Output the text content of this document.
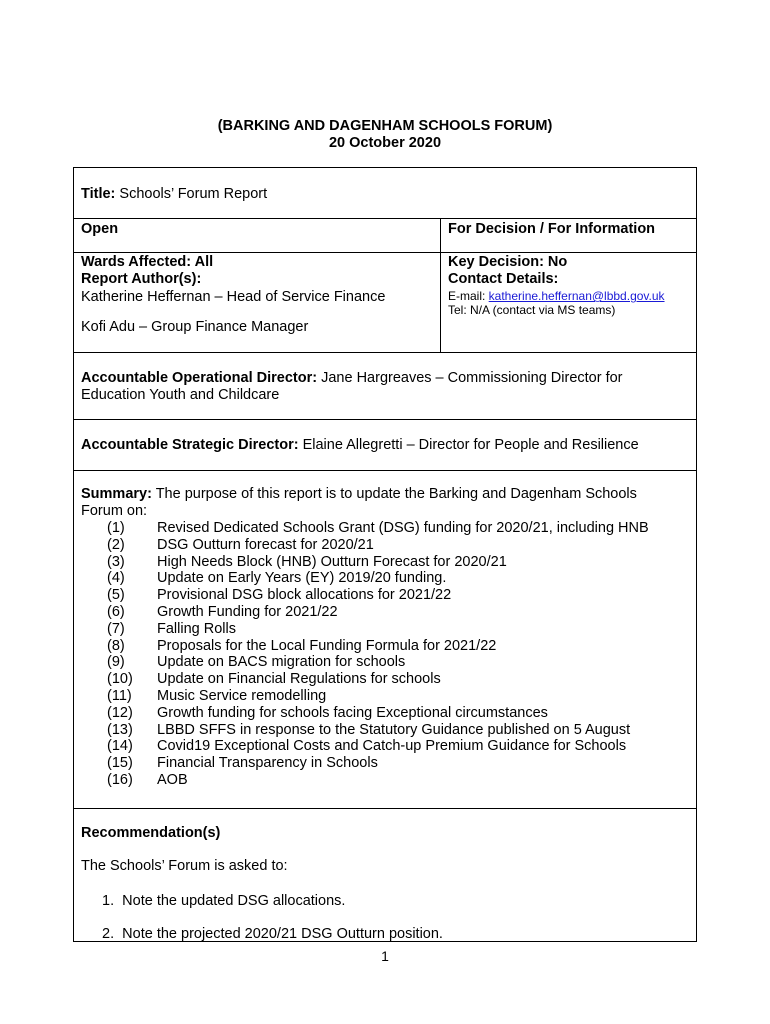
(BARKING AND DAGENHAM SCHOOLS FORUM)
20 October 2020
Title: Schools’ Forum Report
Open	For Decision / For Information
Wards Affected: All
Report Author(s):
Katherine Heffernan – Head of Service Finance
Kofi Adu – Group Finance Manager
Key Decision: No
Contact Details:
E-mail: katherine.heffernan@lbbd.gov.uk
Tel: N/A (contact via MS teams)
Accountable Operational Director: Jane Hargreaves – Commissioning Director for
Education Youth and Childcare
Accountable Strategic Director: Elaine Allegretti – Director for People and Resilience
Summary: The purpose of this report is to update the Barking and Dagenham Schools
Forum on:
(1)	Revised Dedicated Schools Grant (DSG) funding for 2020/21, including HNB
(2)	DSG Outturn forecast for 2020/21
(3)	High Needs Block (HNB) Outturn Forecast for 2020/21
(4)	Update on Early Years (EY) 2019/20 funding.
(5)	Provisional DSG block allocations for 2021/22
(6)	Growth Funding for 2021/22
(7)	Falling Rolls
(8)	Proposals for the Local Funding Formula for 2021/22
(9)	Update on BACS migration for schools
(10)	Update on Financial Regulations for schools
(11)	Music Service remodelling
(12)	Growth funding for schools facing Exceptional circumstances
(13)	LBBD SFFS in response to the Statutory Guidance published on 5 August
(14)	Covid19 Exceptional Costs and Catch-up Premium Guidance for Schools
(15)	Financial Transparency in Schools
(16)	AOB
Recommendation(s)
The Schools’ Forum is asked to:
1. Note the updated DSG allocations.
2. Note the projected 2020/21 DSG Outturn position.
1
